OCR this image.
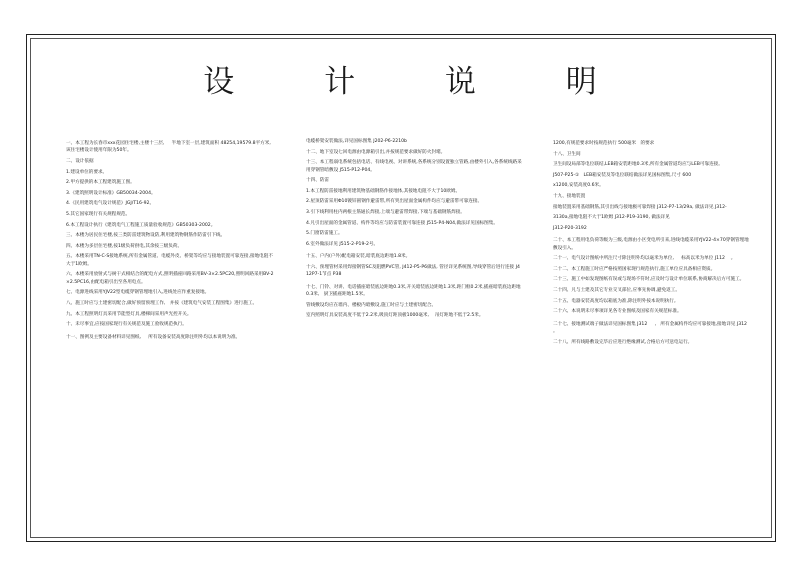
设 计 说 明

一、本工程为长春市xxx花园住宅楼,主楼十三层,     半地下室一层,建筑面积 48254,19579.8平方米,该住宅楼设计使用年限为50年。

二、设计依据

1.建设单位的要求。

2.甲方提供的本工程建筑施工图。

3.《建筑照明设计标准》GB50034-2004。

4.《民用建筑电气设计规范》JGJ/T16-92。

5.其它国家现行有关规程规范。

6.本工程设计执行《建筑电气工程施工质量验收规范》GB50303-2002。

三、本楼为居民住宅楼,按三类防雷建筑物设防,利用建筑物钢筋作防雷引下线。

四、本楼为多层住宅楼,按1级负荷供电,其余按三级负荷。

五、本楼采用TN-C-S接地系统,所有金属管道、电缆外皮、桥架等均应与接地装置可靠连接,接地电阻不大于1欧姆。

六、本楼采用放射式与树干式相结合的配电方式,照明插座回路采用BV-3×2.5PC20,照明回路采用BV-2×2.5PC16,由配电箱引出至各用电点。

七、电源进线采用YJV22型电缆穿钢管埋地引入,进线处应作重复接地。

八、施工时应与土建密切配合,做好预留预埋工作,   并按《建筑电气安装工程图集》进行施工。

九、本工程照明灯具采用节能型灯具,楼梯间采用声光控开关。

十、未尽事宜,应按国家现行有关规范及施工验收规范执行。

十一、图例及主要设备材料详见图纸,     所有设备安装高度除注明外均以本说明为准。

电缆桥架安装做法,详见国标图集 J202-P6-2210b

十二、地下室设七回电源由电源箱引出,并按规范要求做好防火封堵。

十三、本工程弱电系统包括电话、有线电视、对讲系统,各系统分别设置独立管路,由楼外引入,各系统线路采用穿钢管暗敷设 J515-P12-P04。

十四、防雷

1.本工程防雷接地利用建筑物基础钢筋作接地体,其接地电阻不大于10欧姆。

2.屋顶防雷采用Φ10镀锌圆钢作避雷带,所有突出屋面金属构件均应与避雷带可靠连接。

3.引下线利用柱内两根主筋通长焊接,上端与避雷带焊接,下端与基础钢筋焊接。

4.凡引出屋面的金属管道、构件等均应与防雷装置可靠连接 J515-P4-N04,做法详见国标图集。

5.门窗防雷施工。

6.室外做法详见 J515-2-P19-2号。

十五、户内(户外)配电箱安装,暗装底边距地1.8米。

十六、预埋管材采用焊接钢管SC及阻燃PVC管, J412-P5-P6做法, 管径详见系统图,导线穿管后进行连接 J412P7-1节点 P38

十七、门铃、对讲、电话插座暗装底边距地0.3米,开关暗装底边距地1.3米,距门框0.2米,插座暗装底边距地0.3米,   厨卫插座距地1.5米。

管线敷设均应在墙内、楼板内暗敷设,施工时应与土建密切配合。

室内照明灯具安装高度不低于2.2米,吸顶灯距顶板1000毫米,    吊灯距地不低于2.5米。

1200,有规范要求时按规范执行 500毫米   的要求

十八、卫生间

卫生间设局部等电位联结,LEB箱安装距地0.3米,所有金属管道均应与LEB可靠连接。

J507-P25-①   LEB箱安装及等电位联结做法详见国标图集,尺寸 600

x1200,安装高度0.6米。

十九、接地装置

接地装置采用基础钢筋,其引出线与接地极可靠焊接 J312-P7-13/29a, 做法详见 J312-

3130a,接地电阻不大于1欧姆 J312-P19-3190, 做法详见

J312-P20-3192

二十、本工程用电负荷等级为三级,电源由小区变电所引来,进线电缆采用YJV22-4×70穿钢管埋地敷设引入。

二十一、电气设计图纸中所注尺寸除注明外均以毫米为单位,     标高以米为单位 J112    。

二十二、本工程施工时应严格按照国家现行规范执行,施工单位应具备相应资质。

二十三、施工中如发现图纸有误或与现场不符时,应及时与设计单位联系,协商解决后方可施工。

二十四、凡与土建及其它专业交叉部位,应事先协调,避免返工。

二十五、电器安装高度均以箱底为准,除注明外按本说明执行。

二十六、本说明未尽事项详见各专业图纸及国家有关规范标准。

二十七、接地测试端子做法详见国标图集 J312     ,   所有金属构件均应可靠接地,接地详见 J312    。

二十八、所有线路敷设完毕后应进行绝缘测试,合格后方可送电运行。
